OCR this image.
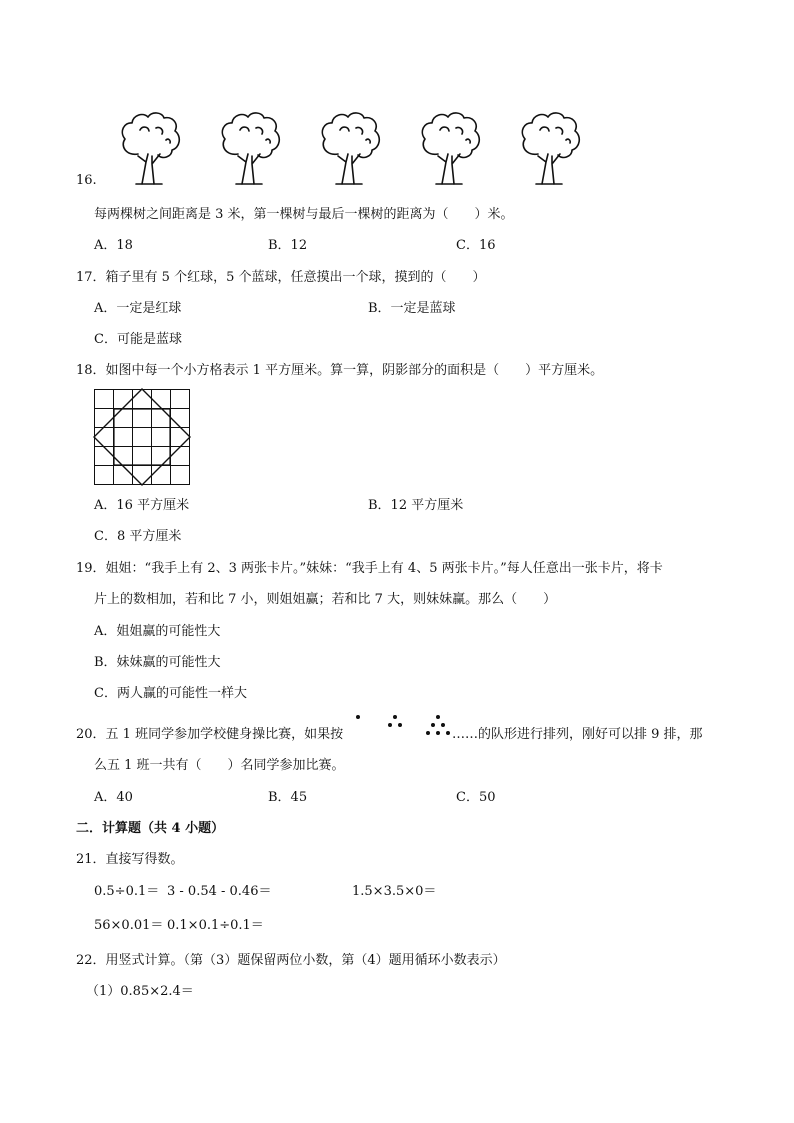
16.
每两棵树之间距离是 3 米，第一棵树与最后一棵树的距离为（　　）米。
A．18	B．12	C．16
17．箱子里有 5 个红球，5 个蓝球，任意摸出一个球，摸到的（　　）
A．一定是红球	B．一定是蓝球
C．可能是蓝球
18．如图中每一个小方格表示 1 平方厘米。算一算，阴影部分的面积是（　　）平方厘米。
A．16 平方厘米	B．12 平方厘米
C．8 平方厘米
19．姐姐：“我手上有 2、3 两张卡片。”妹妹：“我手上有 4、5 两张卡片。”每人任意出一张卡片，将卡
片上的数相加，若和比 7 小，则姐姐赢；若和比 7 大，则妹妹赢。那么（　　）
A．姐姐赢的可能性大
B．妹妹赢的可能性大
C．两人赢的可能性一样大
20．五 1 班同学参加学校健身操比赛，如果按	……的队形进行排列，刚好可以排 9 排，那
么五 1 班一共有（　　）名同学参加比赛。
A．40	B．45	C．50
二．计算题（共 4 小题）
21．直接写得数。
0.5÷0.1＝ 3 - 0.54 - 0.46＝	1.5×3.5×0＝
56×0.01＝ 0.1×0.1÷0.1＝
22．用竖式计算。（第（3）题保留两位小数，第（4）题用循环小数表示）
（1）0.85×2.4＝
